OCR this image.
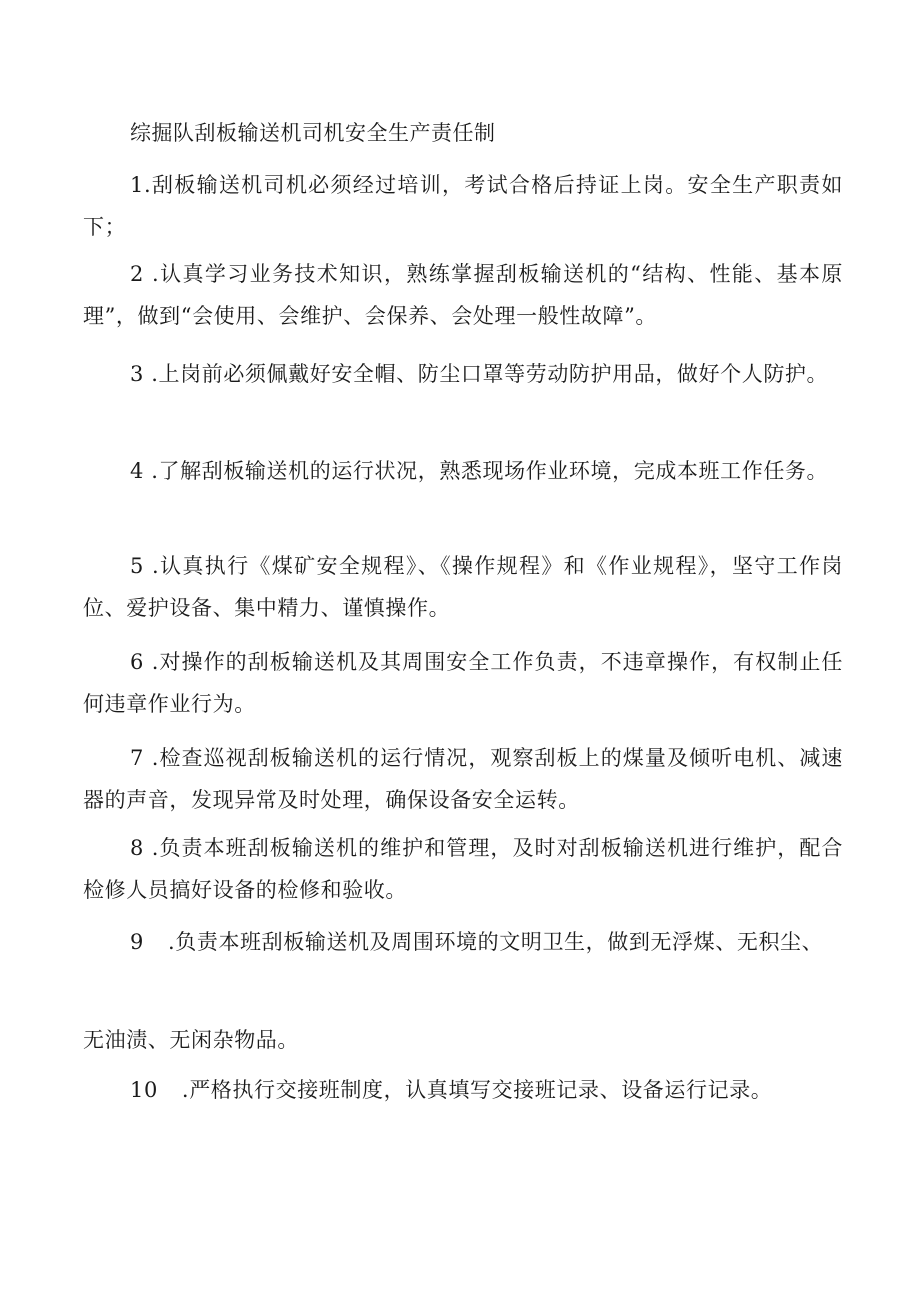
综掘队刮板输送机司机安全生产责任制

1.刮板输送机司机必须经过培训，考试合格后持证上岗。安全生产职责如下；

2 .认真学习业务技术知识，熟练掌握刮板输送机的“结构、性能、基本原理”，做到“会使用、会维护、会保养、会处理一般性故障”。

3 .上岗前必须佩戴好安全帽、防尘口罩等劳动防护用品，做好个人防护。

4 .了解刮板输送机的运行状况，熟悉现场作业环境，完成本班工作任务。

5 .认真执行《煤矿安全规程》、《操作规程》和《作业规程》，坚守工作岗位、爱护设备、集中精力、谨慎操作。

6 .对操作的刮板输送机及其周围安全工作负责，不违章操作，有权制止任何违章作业行为。

7 .检查巡视刮板输送机的运行情况，观察刮板上的煤量及倾听电机、减速器的声音，发现异常及时处理，确保设备安全运转。

8 .负责本班刮板输送机的维护和管理，及时对刮板输送机进行维护，配合检修人员搞好设备的检修和验收。

9 .负责本班刮板输送机及周围环境的文明卫生，做到无浮煤、无积尘、

无油渍、无闲杂物品。

10 .严格执行交接班制度，认真填写交接班记录、设备运行记录。
